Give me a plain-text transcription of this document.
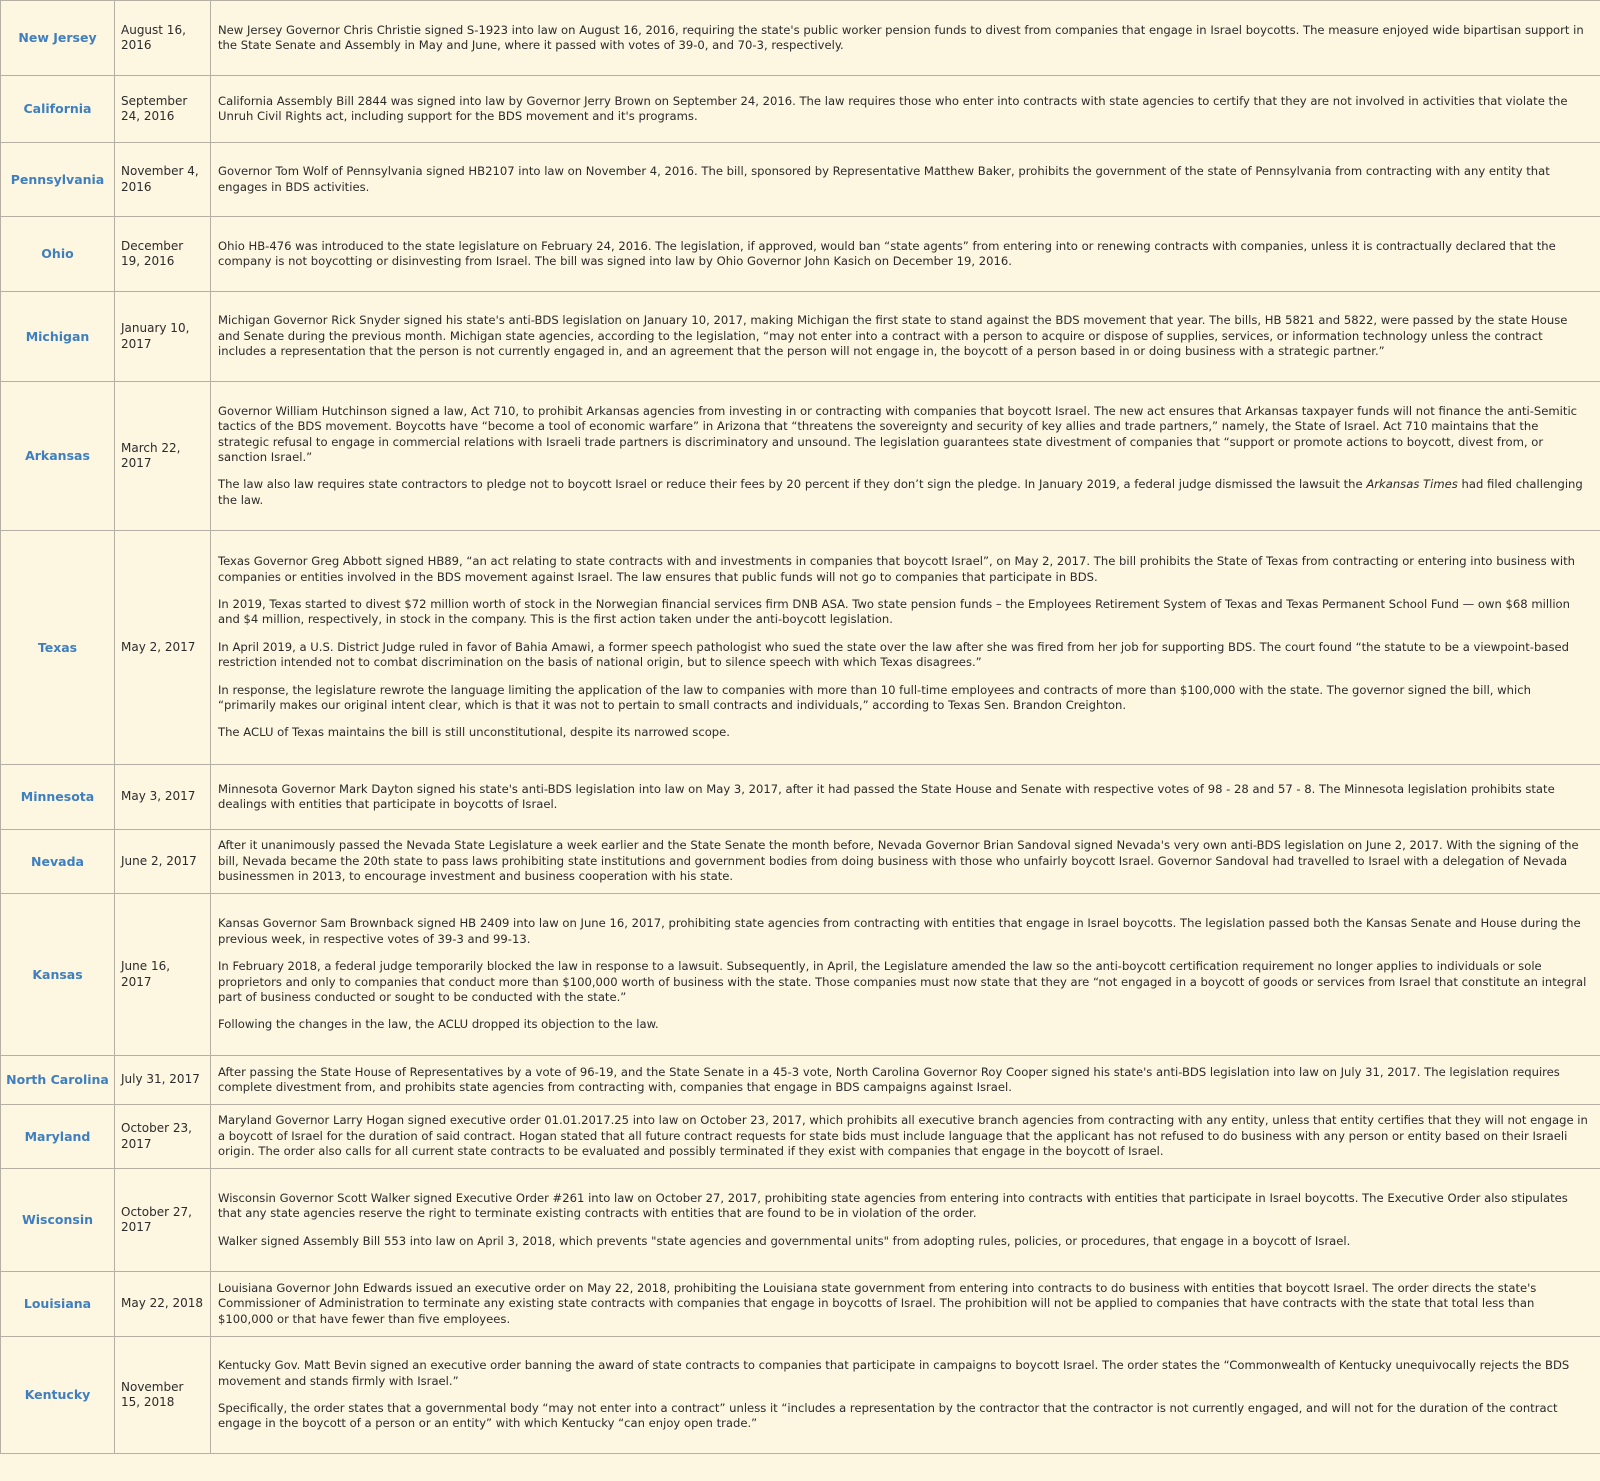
New Jersey	August 16, 2016	New Jersey Governor Chris Christie signed S-1923 into law on August 16, 2016, requiring the state's public worker pension funds to divest from companies that engage in Israel boycotts. The measure enjoyed wide bipartisan support in the State Senate and Assembly in May and June, where it passed with votes of 39-0, and 70-3, respectively.

California	September 24, 2016	California Assembly Bill 2844 was signed into law by Governor Jerry Brown on September 24, 2016. The law requires those who enter into contracts with state agencies to certify that they are not involved in activities that violate the Unruh Civil Rights act, including support for the BDS movement and it's programs.

Pennsylvania	November 4, 2016	Governor Tom Wolf of Pennsylvania signed HB2107 into law on November 4, 2016. The bill, sponsored by Representative Matthew Baker, prohibits the government of the state of Pennsylvania from contracting with any entity that engages in BDS activities.

Ohio	December 19, 2016	Ohio HB-476 was introduced to the state legislature on February 24, 2016. The legislation, if approved, would ban “state agents” from entering into or renewing contracts with companies, unless it is contractually declared that the company is not boycotting or disinvesting from Israel. The bill was signed into law by Ohio Governor John Kasich on December 19, 2016.

Michigan	January 10, 2017	Michigan Governor Rick Snyder signed his state's anti-BDS legislation on January 10, 2017, making Michigan the first state to stand against the BDS movement that year. The bills, HB 5821 and 5822, were passed by the state House and Senate during the previous month. Michigan state agencies, according to the legislation, “may not enter into a contract with a person to acquire or dispose of supplies, services, or information technology unless the contract includes a representation that the person is not currently engaged in, and an agreement that the person will not engage in, the boycott of a person based in or doing business with a strategic partner.”

Arkansas	March 22, 2017	Governor William Hutchinson signed a law, Act 710, to prohibit Arkansas agencies from investing in or contracting with companies that boycott Israel. The new act ensures that Arkansas taxpayer funds will not finance the anti-Semitic tactics of the BDS movement. Boycotts have “become a tool of economic warfare” in Arizona that “threatens the sovereignty and security of key allies and trade partners,” namely, the State of Israel. Act 710 maintains that the strategic refusal to engage in commercial relations with Israeli trade partners is discriminatory and unsound. The legislation guarantees state divestment of companies that “support or promote actions to boycott, divest from, or sanction Israel.”

The law also law requires state contractors to pledge not to boycott Israel or reduce their fees by 20 percent if they don’t sign the pledge. In January 2019, a federal judge dismissed the lawsuit the Arkansas Times had filed challenging the law.

Texas	May 2, 2017	Texas Governor Greg Abbott signed HB89, “an act relating to state contracts with and investments in companies that boycott Israel”, on May 2, 2017. The bill prohibits the State of Texas from contracting or entering into business with companies or entities involved in the BDS movement against Israel. The law ensures that public funds will not go to companies that participate in BDS.

In 2019, Texas started to divest $72 million worth of stock in the Norwegian financial services firm DNB ASA. Two state pension funds – the Employees Retirement System of Texas and Texas Permanent School Fund — own $68 million and $4 million, respectively, in stock in the company. This is the first action taken under the anti-boycott legislation.

In April 2019, a U.S. District Judge ruled in favor of Bahia Amawi, a former speech pathologist who sued the state over the law after she was fired from her job for supporting BDS. The court found “the statute to be a viewpoint-based restriction intended not to combat discrimination on the basis of national origin, but to silence speech with which Texas disagrees.”

In response, the legislature rewrote the language limiting the application of the law to companies with more than 10 full-time employees and contracts of more than $100,000 with the state. The governor signed the bill, which “primarily makes our original intent clear, which is that it was not to pertain to small contracts and individuals,” according to Texas Sen. Brandon Creighton.

The ACLU of Texas maintains the bill is still unconstitutional, despite its narrowed scope.

Minnesota	May 3, 2017	Minnesota Governor Mark Dayton signed his state's anti-BDS legislation into law on May 3, 2017, after it had passed the State House and Senate with respective votes of 98 - 28 and 57 - 8. The Minnesota legislation prohibits state dealings with entities that participate in boycotts of Israel.

Nevada	June 2, 2017	After it unanimously passed the Nevada State Legislature a week earlier and the State Senate the month before, Nevada Governor Brian Sandoval signed Nevada's very own anti-BDS legislation on June 2, 2017. With the signing of the bill, Nevada became the 20th state to pass laws prohibiting state institutions and government bodies from doing business with those who unfairly boycott Israel. Governor Sandoval had travelled to Israel with a delegation of Nevada businessmen in 2013, to encourage investment and business cooperation with his state.

Kansas	June 16, 2017	Kansas Governor Sam Brownback signed HB 2409 into law on June 16, 2017, prohibiting state agencies from contracting with entities that engage in Israel boycotts. The legislation passed both the Kansas Senate and House during the previous week, in respective votes of 39-3 and 99-13.

In February 2018, a federal judge temporarily blocked the law in response to a lawsuit. Subsequently, in April, the Legislature amended the law so the anti-boycott certification requirement no longer applies to individuals or sole proprietors and only to companies that conduct more than $100,000 worth of business with the state. Those companies must now state that they are “not engaged in a boycott of goods or services from Israel that constitute an integral part of business conducted or sought to be conducted with the state.”

Following the changes in the law, the ACLU dropped its objection to the law.

North Carolina	July 31, 2017	After passing the State House of Representatives by a vote of 96-19, and the State Senate in a 45-3 vote, North Carolina Governor Roy Cooper signed his state's anti-BDS legislation into law on July 31, 2017. The legislation requires complete divestment from, and prohibits state agencies from contracting with, companies that engage in BDS campaigns against Israel.

Maryland	October 23, 2017	Maryland Governor Larry Hogan signed executive order 01.01.2017.25 into law on October 23, 2017, which prohibits all executive branch agencies from contracting with any entity, unless that entity certifies that they will not engage in a boycott of Israel for the duration of said contract. Hogan stated that all future contract requests for state bids must include language that the applicant has not refused to do business with any person or entity based on their Israeli origin. The order also calls for all current state contracts to be evaluated and possibly terminated if they exist with companies that engage in the boycott of Israel.

Wisconsin	October 27, 2017	Wisconsin Governor Scott Walker signed Executive Order #261 into law on October 27, 2017, prohibiting state agencies from entering into contracts with entities that participate in Israel boycotts. The Executive Order also stipulates that any state agencies reserve the right to terminate existing contracts with entities that are found to be in violation of the order.

Walker signed Assembly Bill 553 into law on April 3, 2018, which prevents "state agencies and governmental units" from adopting rules, policies, or procedures, that engage in a boycott of Israel.

Louisiana	May 22, 2018	Louisiana Governor John Edwards issued an executive order on May 22, 2018, prohibiting the Louisiana state government from entering into contracts to do business with entities that boycott Israel. The order directs the state's Commissioner of Administration to terminate any existing state contracts with companies that engage in boycotts of Israel. The prohibition will not be applied to companies that have contracts with the state that total less than $100,000 or that have fewer than five employees.

Kentucky	November 15, 2018	Kentucky Gov. Matt Bevin signed an executive order banning the award of state contracts to companies that participate in campaigns to boycott Israel. The order states the “Commonwealth of Kentucky unequivocally rejects the BDS movement and stands firmly with Israel.”

Specifically, the order states that a governmental body “may not enter into a contract” unless it “includes a representation by the contractor that the contractor is not currently engaged, and will not for the duration of the contract engage in the boycott of a person or an entity” with which Kentucky “can enjoy open trade.”
